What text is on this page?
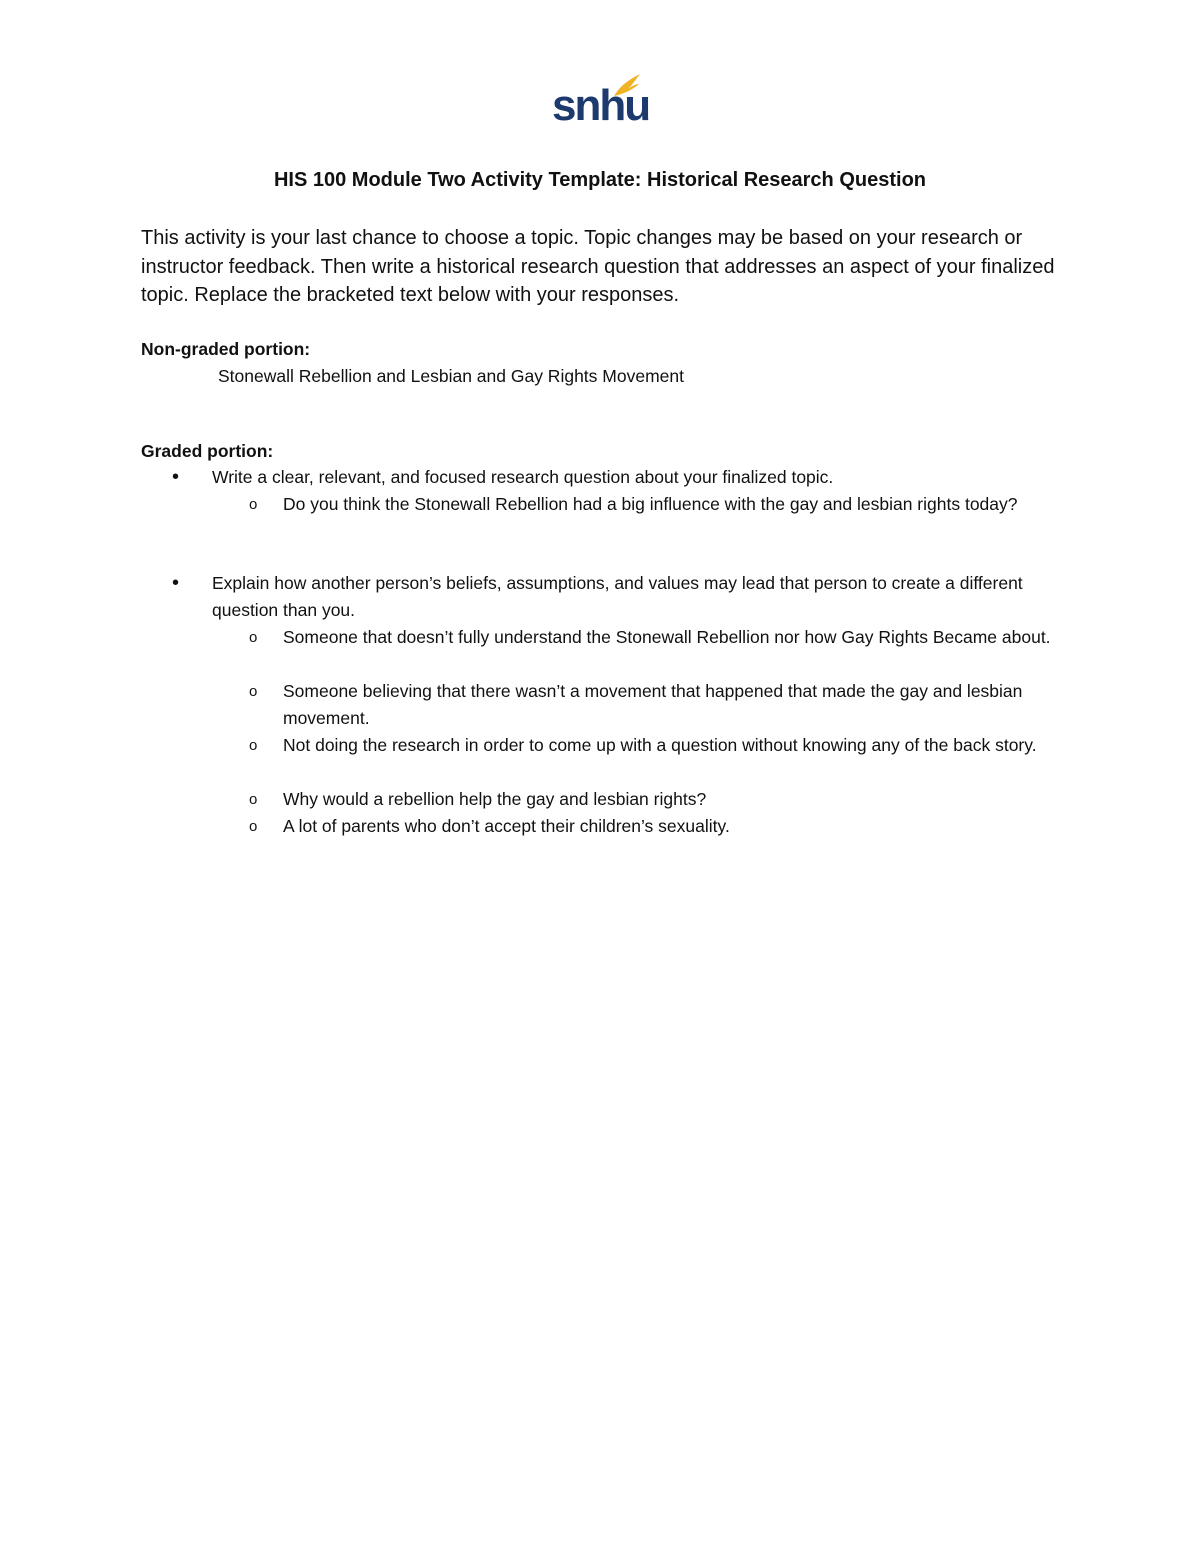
snhu
HIS 100 Module Two Activity Template: Historical Research Question
This activity is your last chance to choose a topic. Topic changes may be based on your research or instructor feedback. Then write a historical research question that addresses an aspect of your finalized topic. Replace the bracketed text below with your responses.
Non-graded portion:
Stonewall Rebellion and Lesbian and Gay Rights Movement
Graded portion:
• Write a clear, relevant, and focused research question about your finalized topic.
o Do you think the Stonewall Rebellion had a big influence with the gay and lesbian rights today?
• Explain how another person’s beliefs, assumptions, and values may lead that person to create a different question than you.
o Someone that doesn’t fully understand the Stonewall Rebellion nor how Gay Rights Became about.
o Someone believing that there wasn’t a movement that happened that made the gay and lesbian movement.
o Not doing the research in order to come up with a question without knowing any of the back story.
o Why would a rebellion help the gay and lesbian rights?
o A lot of parents who don’t accept their children’s sexuality.
